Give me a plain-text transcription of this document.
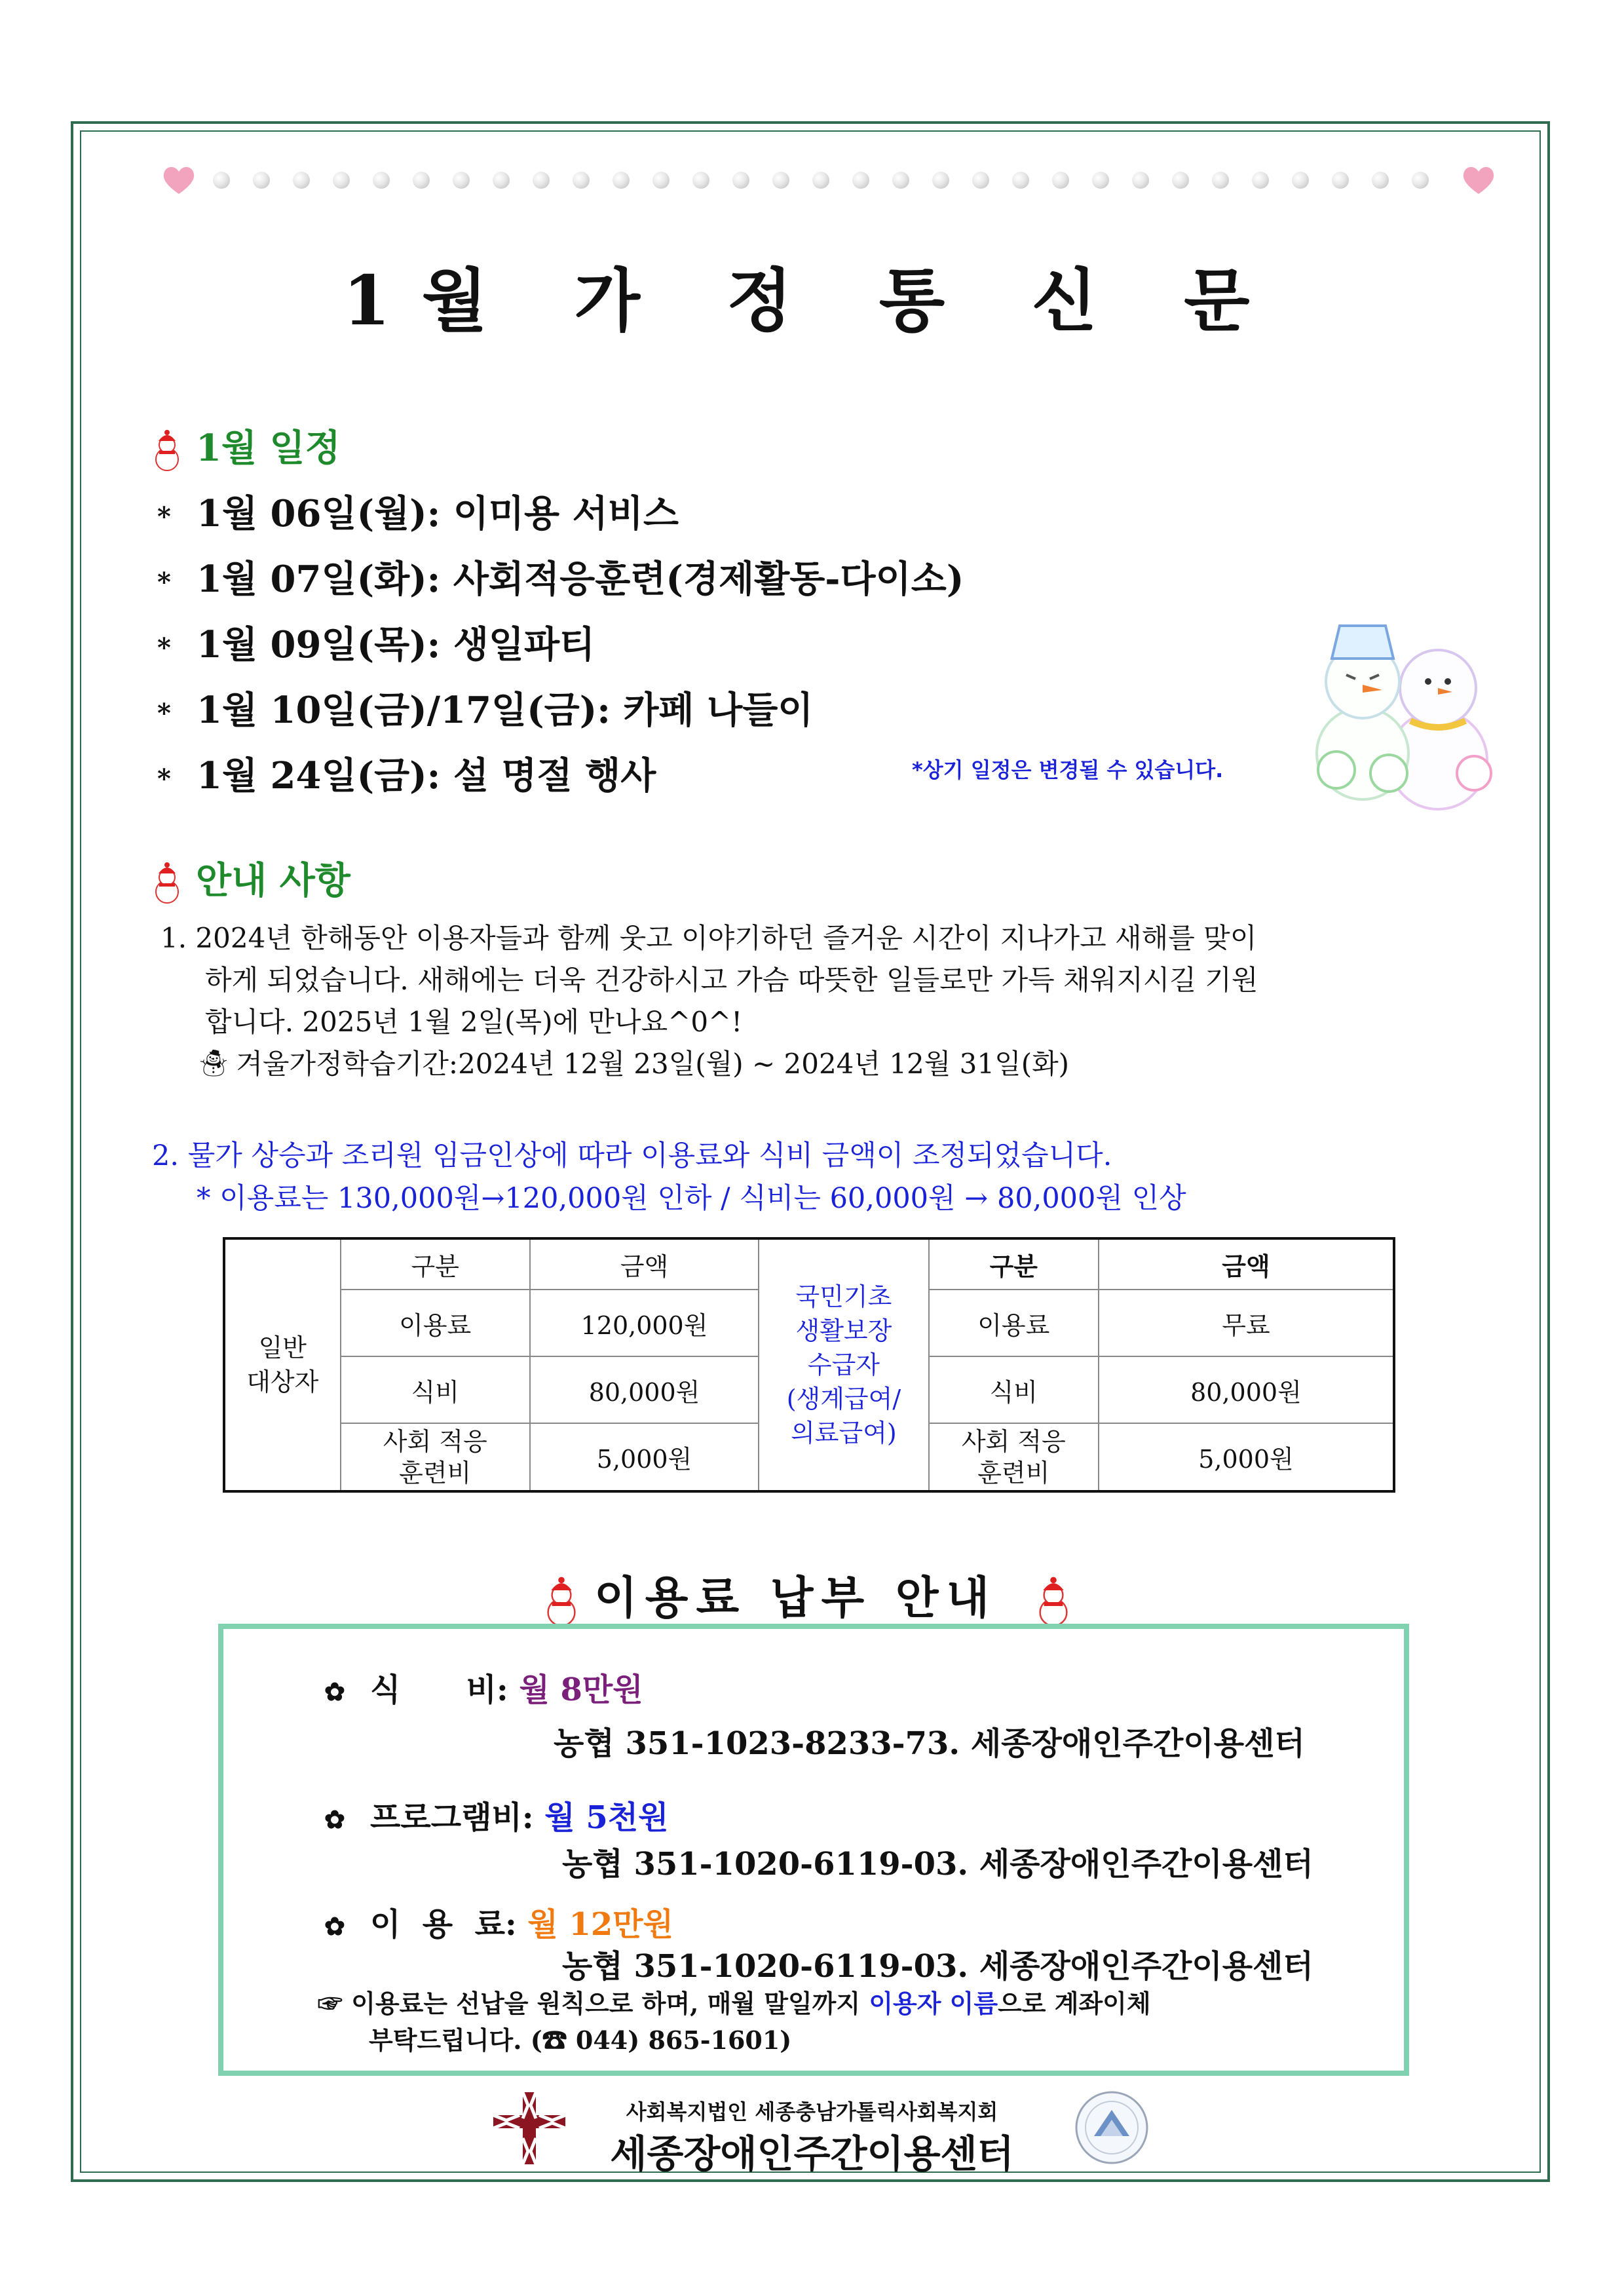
1월 가 정 통 신 문
1월 일정
* 1월 06일(월): 이미용 서비스
* 1월 07일(화): 사회적응훈련(경제활동-다이소)
* 1월 09일(목): 생일파티
* 1월 10일(금)/17일(금): 카페 나들이
* 1월 24일(금): 설 명절 행사	*상기 일정은 변경될 수 있습니다.
안내 사항
1. 2024년 한해동안 이용자들과 함께 웃고 이야기하던 즐거운 시간이 지나가고 새해를 맞이
하게 되었습니다. 새해에는 더욱 건강하시고 가슴 따뜻한 일들로만 가득 채워지시길 기원
합니다. 2025년 1월 2일(목)에 만나요^0^!
☃ 겨울가정학습기간:2024년 12월 23일(월) ~ 2024년 12월 31일(화)
2. 물가 상승과 조리원 임금인상에 따라 이용료와 식비 금액이 조정되었습니다.
* 이용료는 130,000원→120,000원 인하 / 식비는 60,000원 → 80,000원 인상
일반
대상자	구분	금액	국민기초
생활보장
수급자
(생계급여/
의료급여)	구분	금액
	이용료	120,000원		이용료	무료
	식비	80,000원		식비	80,000원
	사회 적응
훈련비	5,000원		사회 적응
훈련비	5,000원
이용료 납부 안내
✿ 식      비: 월 8만원
농협 351-1023-8233-73. 세종장애인주간이용센터
✿ 프로그램비: 월 5천원
농협 351-1020-6119-03. 세종장애인주간이용센터
✿ 이  용  료: 월 12만원
농협 351-1020-6119-03. 세종장애인주간이용센터
☞ 이용료는 선납을 원칙으로 하며, 매월 말일까지 이용자 이름으로 계좌이체
부탁드립니다. (☎ 044) 865-1601)
사회복지법인 세종충남가톨릭사회복지회
세종장애인주간이용센터
